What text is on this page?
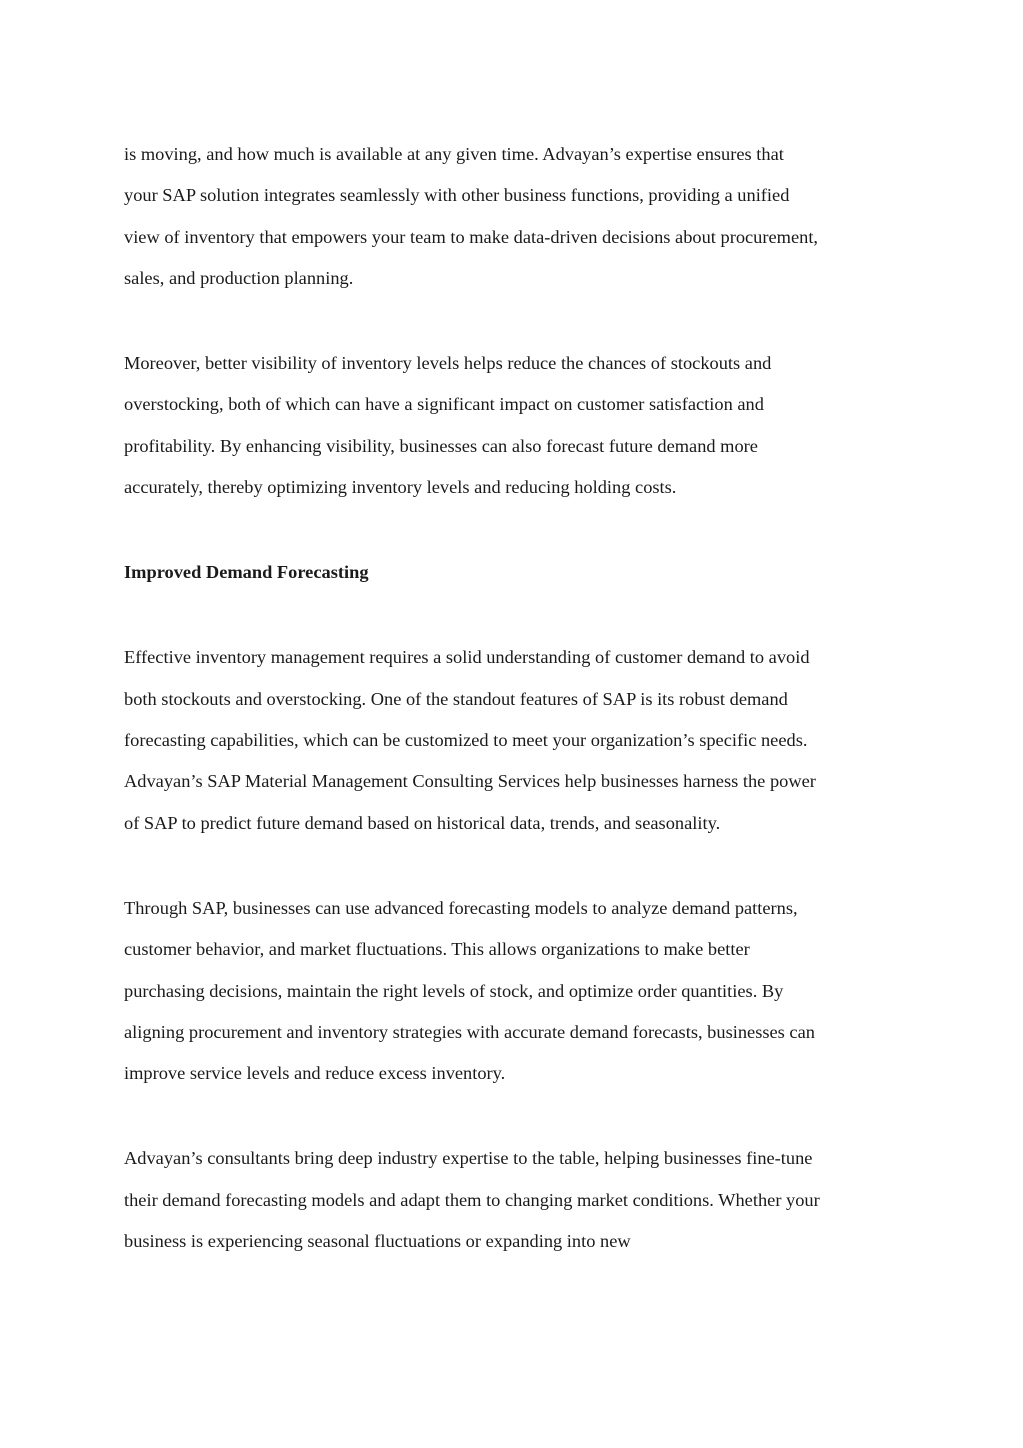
is moving, and how much is available at any given time. Advayan’s expertise ensures that

your SAP solution integrates seamlessly with other business functions, providing a unified

view of inventory that empowers your team to make data-driven decisions about procurement,

sales, and production planning.

Moreover, better visibility of inventory levels helps reduce the chances of stockouts and

overstocking, both of which can have a significant impact on customer satisfaction and

profitability. By enhancing visibility, businesses can also forecast future demand more

accurately, thereby optimizing inventory levels and reducing holding costs.

Improved Demand Forecasting

Effective inventory management requires a solid understanding of customer demand to avoid

both stockouts and overstocking. One of the standout features of SAP is its robust demand

forecasting capabilities, which can be customized to meet your organization’s specific needs.

Advayan’s SAP Material Management Consulting Services help businesses harness the power

of SAP to predict future demand based on historical data, trends, and seasonality.

Through SAP, businesses can use advanced forecasting models to analyze demand patterns,

customer behavior, and market fluctuations. This allows organizations to make better

purchasing decisions, maintain the right levels of stock, and optimize order quantities. By

aligning procurement and inventory strategies with accurate demand forecasts, businesses can

improve service levels and reduce excess inventory.

Advayan’s consultants bring deep industry expertise to the table, helping businesses fine-tune

their demand forecasting models and adapt them to changing market conditions. Whether your

business is experiencing seasonal fluctuations or expanding into new
